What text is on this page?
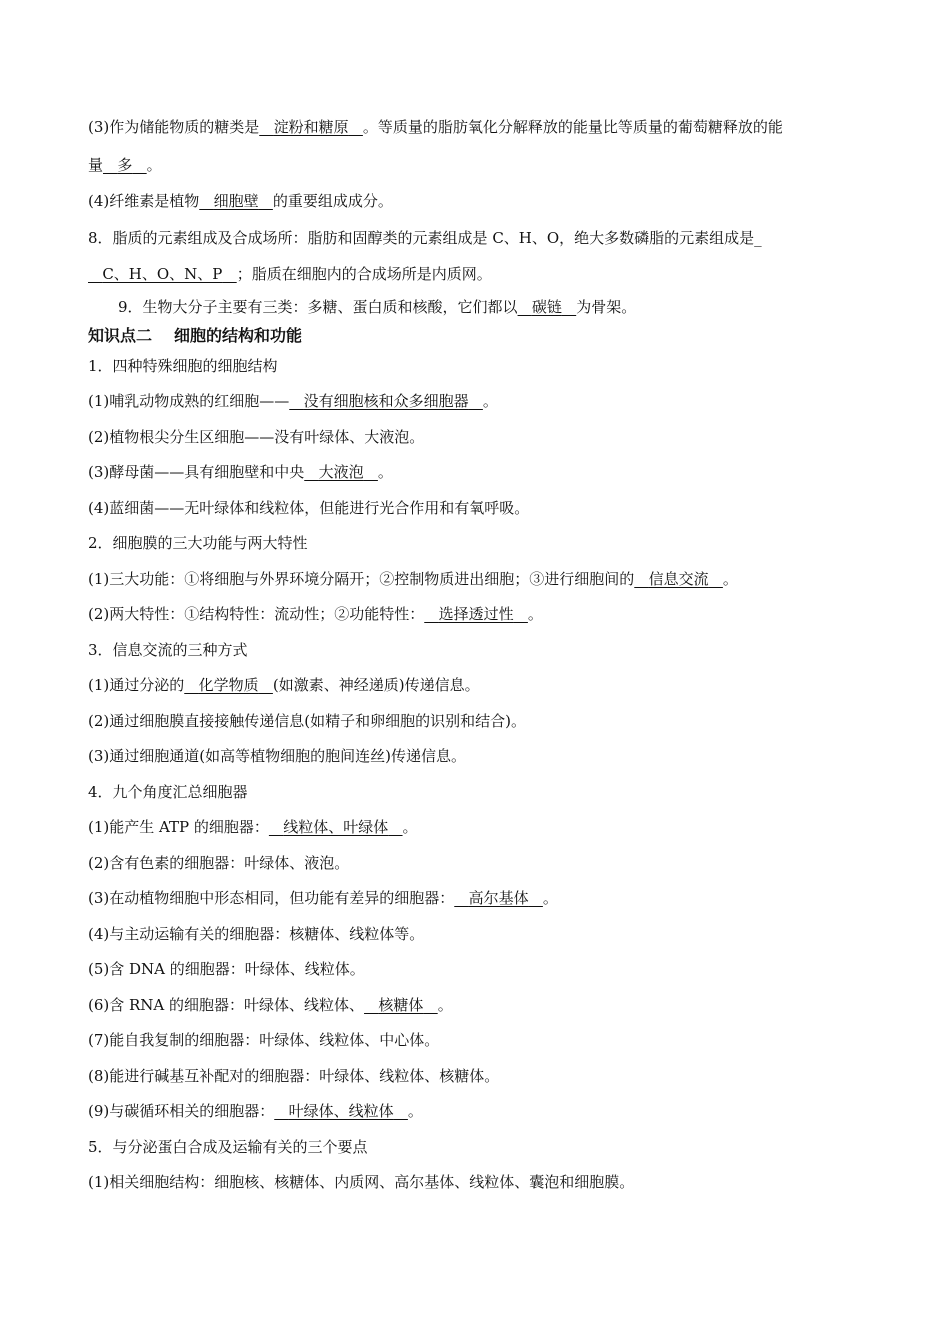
(3)作为储能物质的糖类是 淀粉和糖原 。等质量的脂肪氧化分解释放的能量比等质量的葡萄糖释放的能
量 多 。
(4)纤维素是植物 细胞壁 的重要组成成分。
8．脂质的元素组成及合成场所：脂肪和固醇类的元素组成是 C、H、O，绝大多数磷脂的元素组成是_
C、H、O、N、P ；脂质在细胞内的合成场所是内质网。
9．生物大分子主要有三类：多糖、蛋白质和核酸，它们都以 碳链 为骨架。
知识点二 细胞的结构和功能
1．四种特殊细胞的细胞结构
(1)哺乳动物成熟的红细胞—— 没有细胞核和众多细胞器 。
(2)植物根尖分生区细胞——没有叶绿体、大液泡。
(3)酵母菌——具有细胞壁和中央 大液泡 。
(4)蓝细菌——无叶绿体和线粒体，但能进行光合作用和有氧呼吸。
2．细胞膜的三大功能与两大特性
(1)三大功能：①将细胞与外界环境分隔开；②控制物质进出细胞；③进行细胞间的 信息交流 。
(2)两大特性：①结构特性：流动性；②功能特性： 选择透过性 。
3．信息交流的三种方式
(1)通过分泌的 化学物质 (如激素、神经递质)传递信息。
(2)通过细胞膜直接接触传递信息(如精子和卵细胞的识别和结合)。
(3)通过细胞通道(如高等植物细胞的胞间连丝)传递信息。
4．九个角度汇总细胞器
(1)能产生 ATP 的细胞器： 线粒体、叶绿体 。
(2)含有色素的细胞器：叶绿体、液泡。
(3)在动植物细胞中形态相同，但功能有差异的细胞器： 高尔基体 。
(4)与主动运输有关的细胞器：核糖体、线粒体等。
(5)含 DNA 的细胞器：叶绿体、线粒体。
(6)含 RNA 的细胞器：叶绿体、线粒体、 核糖体 。
(7)能自我复制的细胞器：叶绿体、线粒体、中心体。
(8)能进行碱基互补配对的细胞器：叶绿体、线粒体、核糖体。
(9)与碳循环相关的细胞器： 叶绿体、线粒体 。
5．与分泌蛋白合成及运输有关的三个要点
(1)相关细胞结构：细胞核、核糖体、内质网、高尔基体、线粒体、囊泡和细胞膜。
